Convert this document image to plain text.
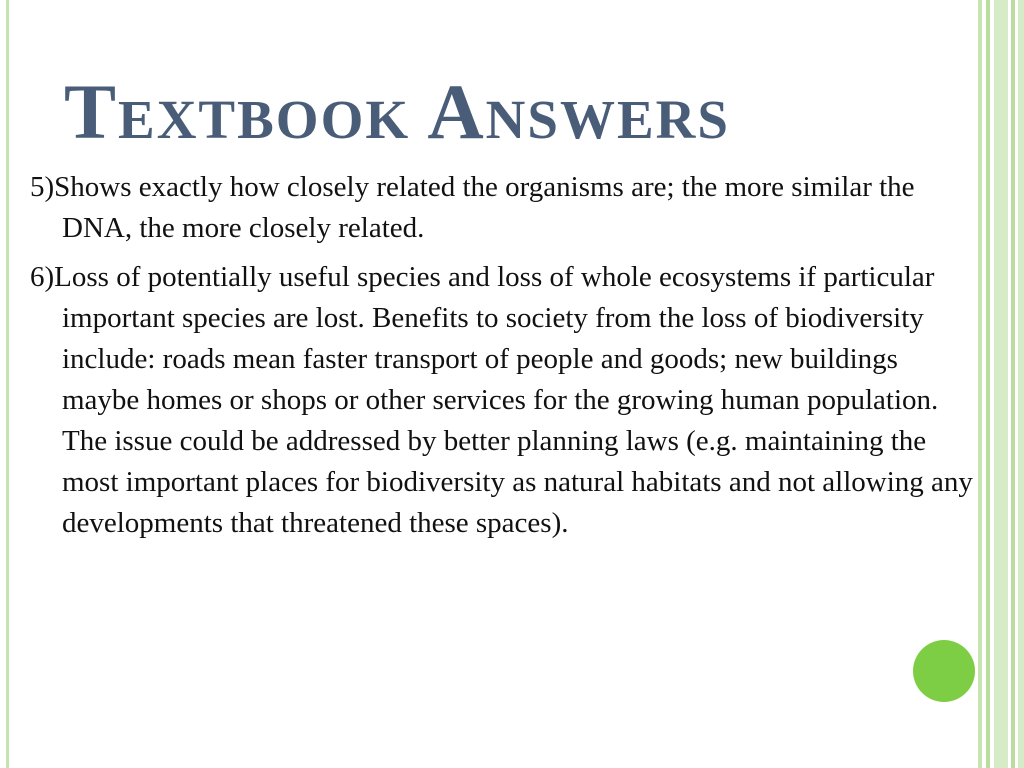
Textbook Answers

5)Shows exactly how closely related the organisms are; the more similar the DNA, the more closely related.

6)Loss of potentially useful species and loss of whole ecosystems if particular important species are lost. Benefits to society from the loss of biodiversity include: roads mean faster transport of people and goods; new buildings maybe homes or shops or other services for the growing human population. The issue could be addressed by better planning laws (e.g. maintaining the most important places for biodiversity as natural habitats and not allowing any developments that threatened these spaces).
